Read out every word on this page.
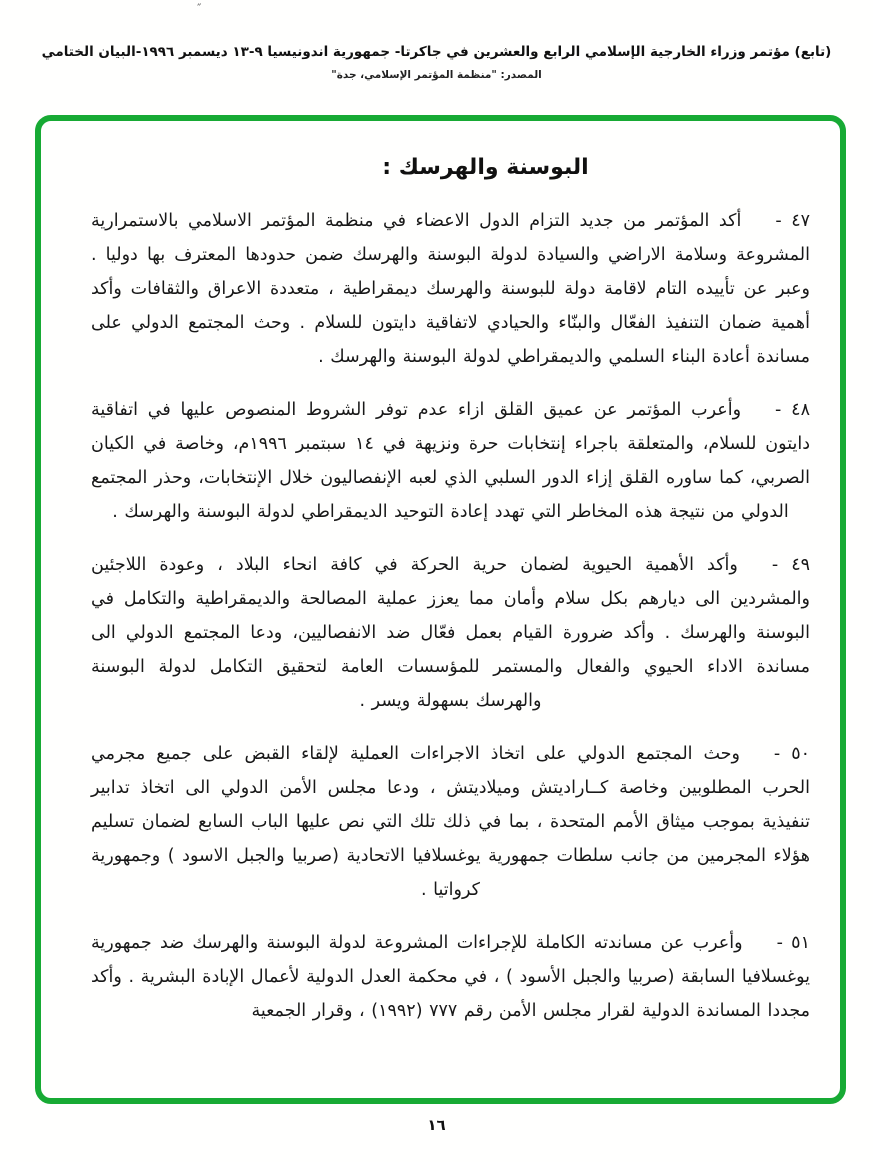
˝
(تابع) مؤتمر وزراء الخارجية الإسلامي الرابع والعشرين في جاكرتا- جمهورية اندونيسيا ٩-١٣ ديسمبر ١٩٩٦-البيان الختامي
المصدر: "منظمة المؤتمر الإسلامي، جدة"
البوسنة والهرسك :

٤٧ -أكد المؤتمر من جديد التزام الدول الاعضاء في منظمة المؤتمر الاسلامي بالاستمرارية المشروعة وسلامة الاراضي والسيادة لدولة البوسنة والهرسك ضمن حدودها المعترف بها دوليا . وعبر عن تأييده التام لاقامة دولة للبوسنة والهرسك ديمقراطية ، متعددة الاعراق والثقافات وأكد أهمية ضمان التنفيذ الفعّال والبنّاء والحيادي لاتفاقية دايتون للسلام . وحث المجتمع الدولي على مساندة أعادة البناء السلمي والديمقراطي لدولة البوسنة والهرسك .

٤٨ -وأعرب المؤتمر عن عميق القلق ازاء عدم توفر الشروط المنصوص عليها في اتفاقية دايتون للسلام، والمتعلقة باجراء إنتخابات حرة ونزيهة في ١٤ سبتمبر ١٩٩٦م، وخاصة في الكيان الصربي، كما ساوره القلق إزاء الدور السلبي الذي لعبه الإنفصاليون خلال الإنتخابات، وحذر المجتمع الدولي من نتيجة هذه المخاطر التي تهدد إعادة التوحيد الديمقراطي لدولة البوسنة والهرسك .

٤٩ -وأكد الأهمية الحيوية لضمان حرية الحركة في كافة انحاء البلاد ، وعودة اللاجئين والمشردين الى ديارهم بكل سلام وأمان مما يعزز عملية المصالحة والديمقراطية والتكامل في البوسنة والهرسك . وأكد ضرورة القيام بعمل فعّال ضد الانفصاليين، ودعا المجتمع الدولي الى مساندة الاداء الحيوي والفعال والمستمر للمؤسسات العامة لتحقيق التكامل لدولة البوسنة والهرسك بسهولة ويسر .

٥٠ -وحث المجتمع الدولي على اتخاذ الاجراءات العملية لإلقاء القبض على جميع مجرمي الحرب المطلوبين وخاصة كــاراديتش وميلاديتش ، ودعا مجلس الأمن الدولي الى اتخاذ تدابير تنفيذية بموجب ميثاق الأمم المتحدة ، بما في ذلك تلك التي نص عليها الباب السابع لضمان تسليم هؤلاء المجرمين من جانب سلطات جمهورية يوغسلافيا الاتحادية (صربيا والجبل الاسود ) وجمهورية كرواتيا .

٥١ -وأعرب عن مساندته الكاملة للإجراءات المشروعة لدولة البوسنة والهرسك ضد جمهورية يوغسلافيا السابقة (صربيا والجبل الأسود ) ، في محكمة العدل الدولية لأعمال الإبادة البشرية . وأكد مجددا المساندة الدولية لقرار مجلس الأمن رقم ٧٧٧ (١٩٩٢) ، وقرار الجمعية

١٦
